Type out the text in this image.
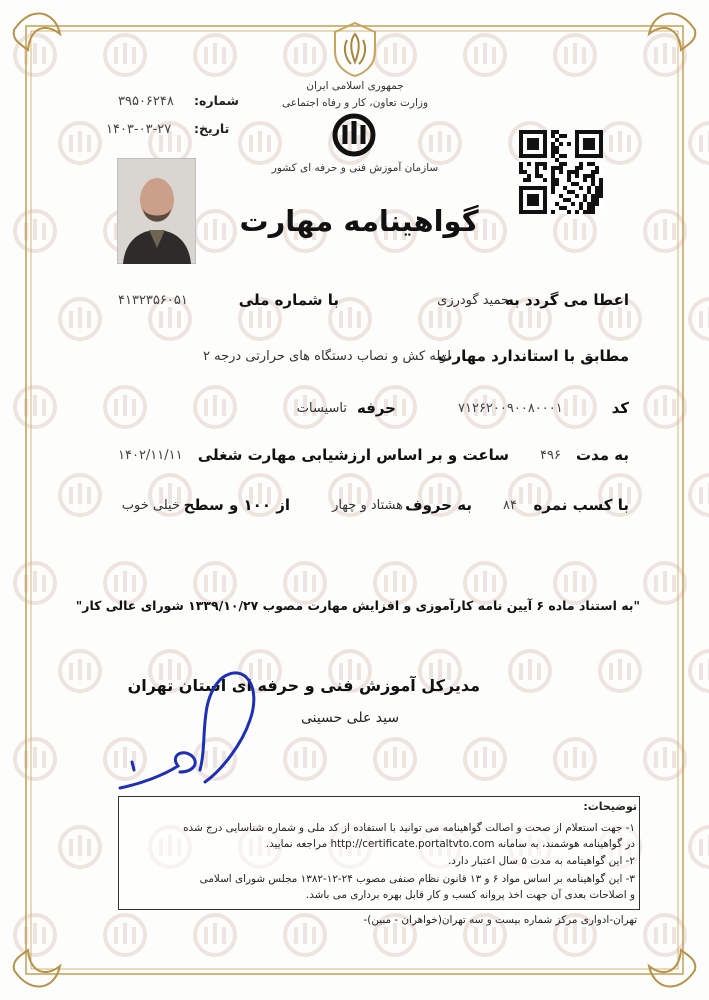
جمهوری اسلامی ایران
وزارت تعاون، کار و رفاه اجتماعی
سازمان آموزش فنی و حرفه ای کشور
شماره:
۳۹۵۰۶۲۴۸
تاریخ:
۱۴۰۳-۰۳-۲۷
گواهینامه مهارت
اعطا می گردد به
حمید گودرزی
با شماره ملی
۴۱۳۲۳۵۶۰۵۱
مطابق با استاندارد مهارت
لوله کش و نصاب دستگاه های حرارتی درجه ۲
کد
۷۱۲۶۲۰۰۹۰۰۸۰۰۰۱
حرفه
تاسیسات
به مدت
۴۹۶
ساعت و بر اساس ارزشیابی مهارت شغلی
۱۴۰۲/۱۱/۱۱
با کسب نمره
۸۴
به حروف
هشتاد و چهار
از ۱۰۰ و سطح
خیلی خوب
"به استناد ماده ۶ آیین نامه کارآموزی و افزایش مهارت مصوب ۱۳۳۹/۱۰/۲۷ شورای عالی کار"
مدیرکل آموزش فنی و حرفه ای استان تهران
سید علی حسینی
توضیحات:
۱- جهت استعلام از صحت و اصالت گواهینامه می توانید با استفاده از کد ملی و شماره شناسایی درج شده
در گواهینامه هوشمند، به سامانه http://certificate.portaltvto.com مراجعه نمایید.
۲- این گواهینامه به مدت ۵ سال اعتبار دارد.
۳- این گواهینامه بر اساس مواد ۶ و ۱۳ قانون نظام صنفی مصوب ۲۴-۱۲-۱۳۸۲ مجلس شورای اسلامی
و اصلاحات بعدی آن جهت اخذ پروانه کسب و کار قابل بهره برداری می باشد.
تهران-ادواری مرکز شماره بیست و سه تهران(خواهران - مبین)-
